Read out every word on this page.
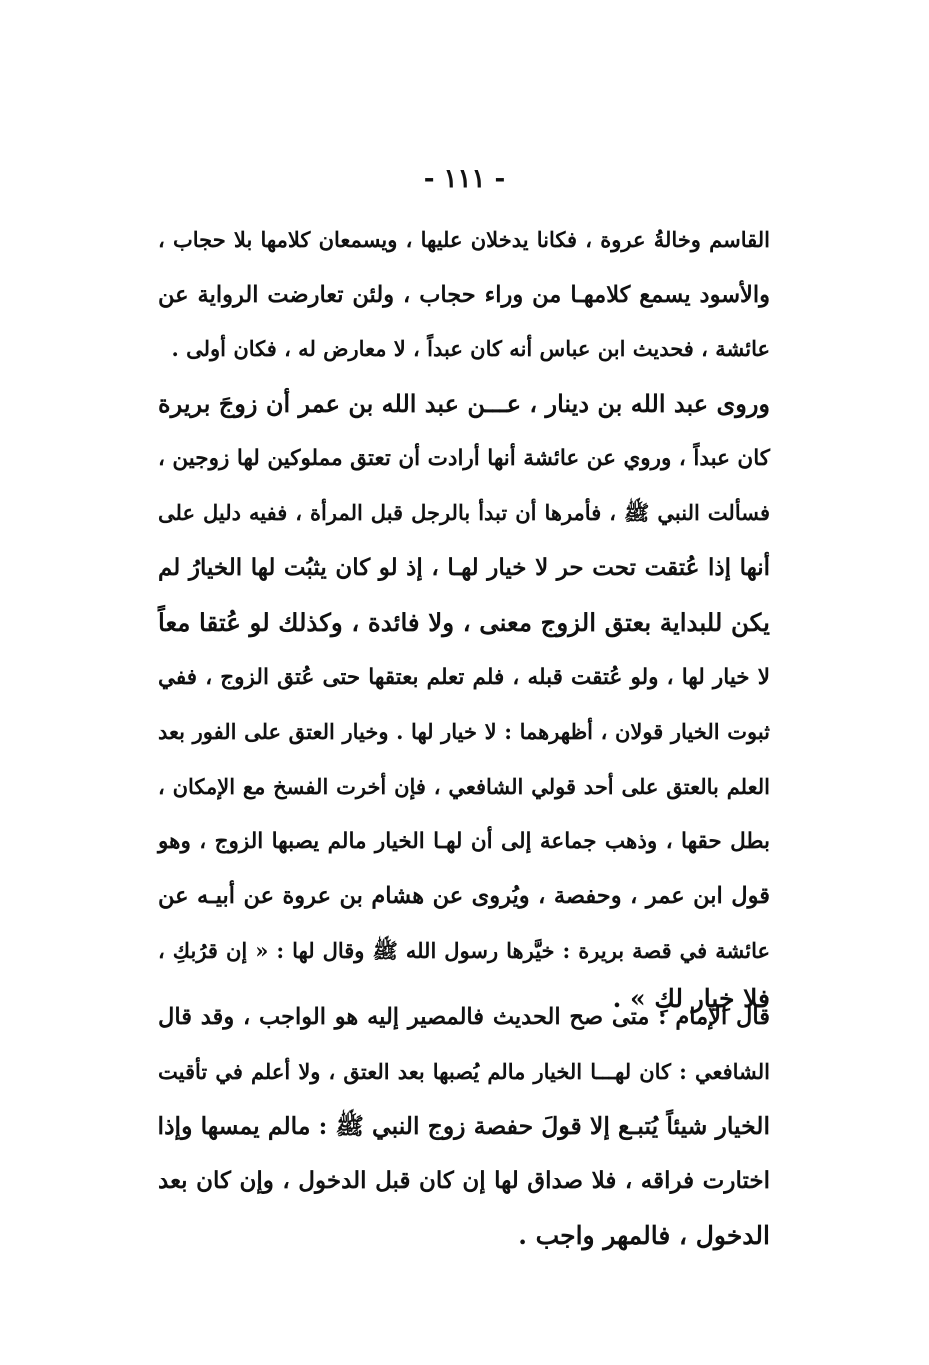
- ١١١ -
القاسم وخالةُ عروة ، فكانا يدخلان عليها ، ويسمعان كلامها بلا حجاب ،
والأسود يسمع كلامهـا من وراء حجاب ، ولئن تعارضت الرواية عن
عائشة ، فحديث ابن عباس أنه كان عبداً ، لا معارض له ، فكان أولى .
وروى عبد الله بن دينار ، عـــن عبد الله بن عمر أن زوجَ بريرة
كان عبداً ، وروي عن عائشة أنها أرادت أن تعتق مملوكين لها زوجين ،
فسألت النبي ﷺ ، فأمرها أن تبدأ بالرجل قبل المرأة ، ففيه دليل على
أنها إذا عُتقت تحت حر لا خيار لهـا ، إذ لو كان يثبُت لها الخيارُ لم
يكن للبداية بعتق الزوج معنى ، ولا فائدة ، وكذلك لو عُتقا معاً
لا خيار لها ، ولو عُتقت قبله ، فلم تعلم بعتقها حتى عُتق الزوج ، ففي
ثبوت الخيار قولان ، أظهرهما : لا خيار لها . وخيار العتق على الفور بعد
العلم بالعتق على أحد قولي الشافعي ، فإن أخرت الفسخ مع الإمكان ،
بطل حقها ، وذهب جماعة إلى أن لهـا الخيار مالم يصبها الزوج ، وهو
قول ابن عمر ، وحفصة ، ويُروى عن هشام بن عروة عن أبيـه عن
عائشة في قصة بريرة : خيَّرها رسول الله ﷺ وقال لها : « إن قرُبكِ ،
فلا خِيار لكِ » .
قال الإمام : متى صح الحديث فالمصير إليه هو الواجب ، وقد قال
الشافعي : كان لهـــا الخيار مالم يُصبها بعد العتق ، ولا أعلم في تأقيت
الخيار شيئاً يُتبـع إلا قولَ حفصة زوج النبي ﷺ : مالم يمسها وإذا
اختارت فراقه ، فلا صداق لها إن كان قبل الدخول ، وإن كان بعد
الدخول ، فالمهر واجب .
